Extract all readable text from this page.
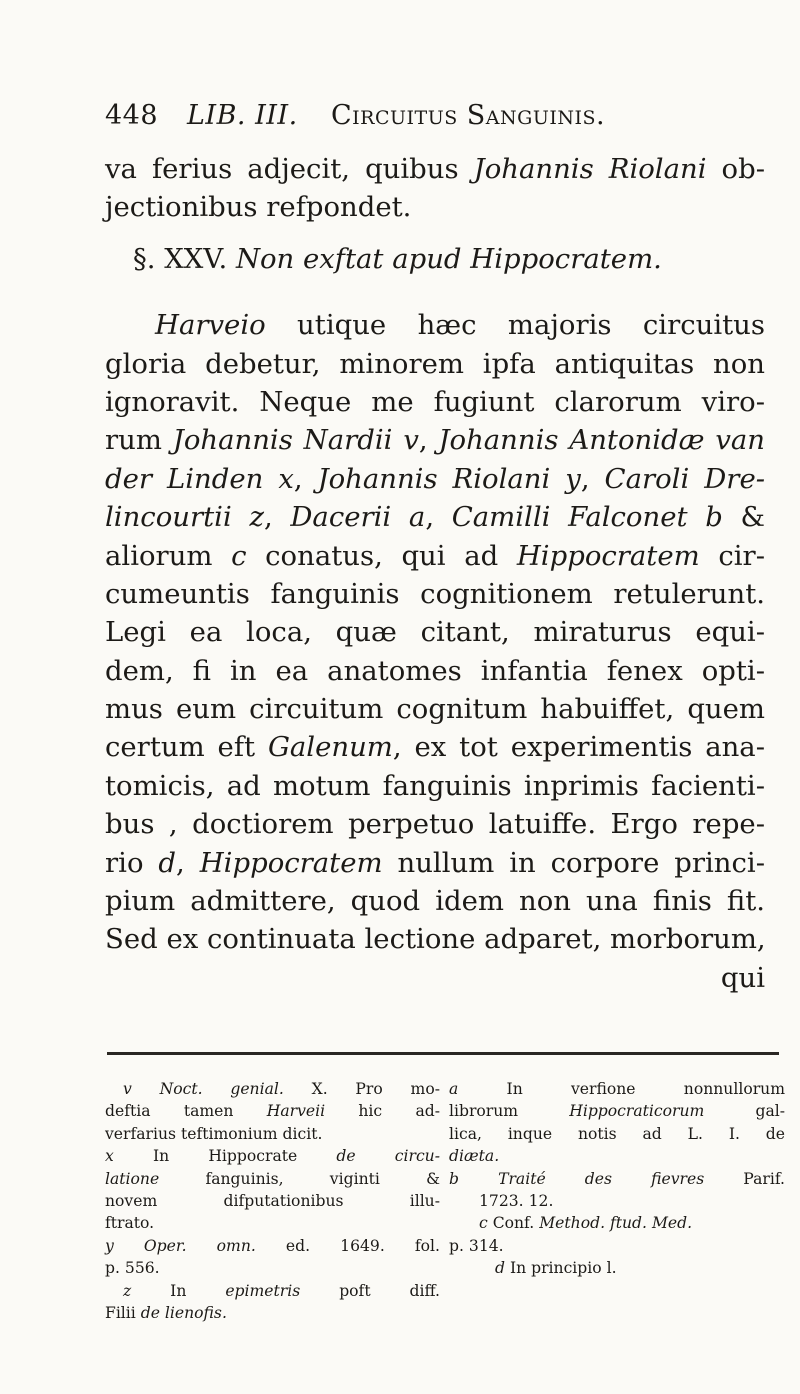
448 LIB. III. Circuitus Sanguinis.
va ferius adjecit, quibus Johannis Riolani ob-
jectionibus refpondet.
§. XXV. Non exftat apud Hippocratem.
Harveio utique hæc majoris circuitus
gloria debetur, minorem ipfa antiquitas non
ignoravit. Neque me fugiunt clarorum viro-
rum Johannis Nardii v, Johannis Antonidæ van
der Linden x, Johannis Riolani y, Caroli Dre-
lincourtii z, Dacerii a, Camilli Falconet b &
aliorum c conatus, qui ad Hippocratem cir-
cumeuntis fanguinis cognitionem retulerunt.
Legi ea loca, quæ citant, miraturus equi-
dem, fi in ea anatomes infantia fenex opti-
mus eum circuitum cognitum habuiffet, quem
certum eft Galenum, ex tot experimentis ana-
tomicis, ad motum fanguinis inprimis facienti-
bus , doctiorem perpetuo latuiffe. Ergo repe-
rio d, Hippocratem nullum in corpore princi-
pium admittere, quod idem non una finis fit.
Sed ex continuata lectione adparet, morborum,
qui
v Noct. genial. X. Pro mo-
deftia tamen Harveii hic ad-
verfarius teftimonium dicit.
x In Hippocrate de circu-
latione fanguinis, viginti &
novem difputationibus illu-
ftrato.
y Oper. omn. ed. 1649. fol.
p. 556.
z In epimetris poft diff.
Filii de lienofis.
a In verfione nonnullorum
librorum Hippocraticorum gal-
lica, inque notis ad L. I. de
diæta.
b Traité des fievres Parif.
1723. 12.
c Conf. Method. ftud. Med.
p. 314.
d In principio l.
